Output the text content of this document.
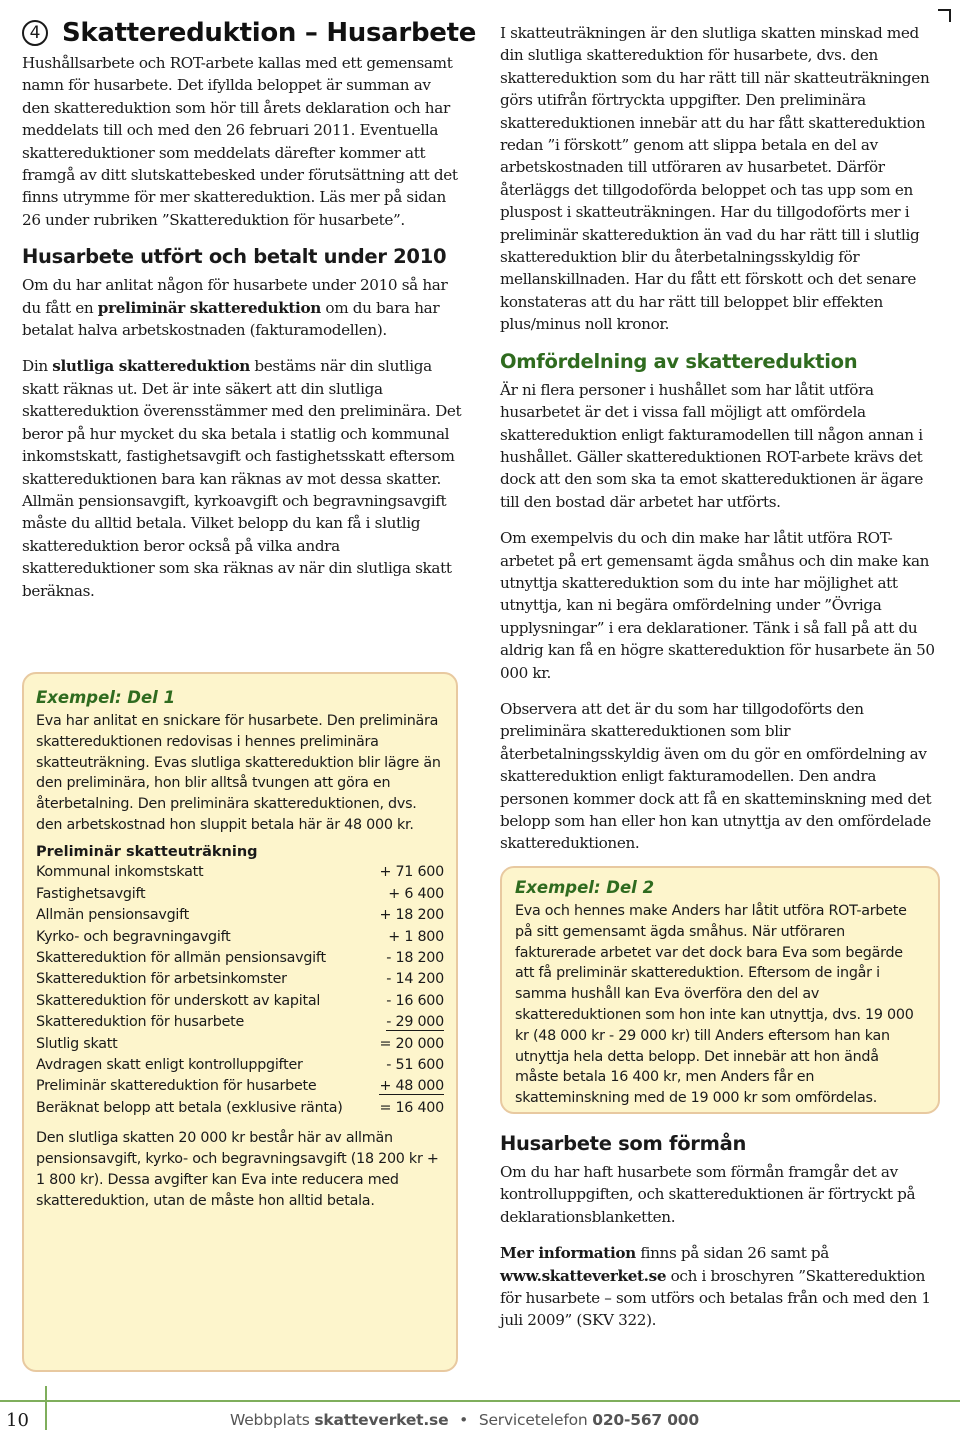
4 Skattereduktion – Husarbete

Hushållsarbete och ROT-arbete kallas med ett gemensamt namn för husarbete. Det ifyllda beloppet är summan av den skattereduktion som hör till årets deklaration och har meddelats till och med den 26 februari 2011. Eventuella skattereduktioner som meddelats därefter kommer att framgå av ditt slutskattebesked under förutsättning att det finns utrymme för mer skattereduktion. Läs mer på sidan 26 under rubriken ”Skattereduktion för husarbete”.

Husarbete utfört och betalt under 2010

Om du har anlitat någon för husarbete under 2010 så har du fått en preliminär skattereduktion om du bara har betalat halva arbetskostnaden (fakturamodellen).

Din slutliga skattereduktion bestäms när din slutliga skatt räknas ut. Det är inte säkert att din slutliga skattereduktion överensstämmer med den preliminära. Det beror på hur mycket du ska betala i statlig och kommunal inkomstskatt, fastighetsavgift och fastighetsskatt eftersom skattereduktionen bara kan räknas av mot dessa skatter. Allmän pensionsavgift, kyrkoavgift och begravningsavgift måste du alltid betala. Vilket belopp du kan få i slutlig skattereduktion beror också på vilka andra skattereduktioner som ska räknas av när din slutliga skatt beräknas.

Exempel: Del 1

Eva har anlitat en snickare för husarbete. Den preliminära skattereduktionen redovisas i hennes preliminära skatteuträkning. Evas slutliga skattereduktion blir lägre än den preliminära, hon blir alltså tvungen att göra en återbetalning. Den preliminära skattereduktionen, dvs. den arbetskostnad hon sluppit betala här är 48 000 kr.

Preliminär skatteuträkning
Kommunal inkomstskatt	+ 71 600
Fastighetsavgift	+ 6 400
Allmän pensionsavgift	+ 18 200
Kyrko- och begravningavgift	+ 1 800
Skattereduktion för allmän pensionsavgift	- 18 200
Skattereduktion för arbetsinkomster	- 14 200
Skattereduktion för underskott av kapital	- 16 600
Skattereduktion för husarbete	- 29 000
Slutlig skatt	= 20 000
Avdragen skatt enligt kontrolluppgifter	- 51 600
Preliminär skattereduktion för husarbete	+ 48 000
Beräknat belopp att betala (exklusive ränta)	= 16 400

Den slutliga skatten 20 000 kr består här av allmän pensionsavgift, kyrko- och begravningsavgift (18 200 kr + 1 800 kr). Dessa avgifter kan Eva inte reducera med skattereduktion, utan de måste hon alltid betala.

I skatteuträkningen är den slutliga skatten minskad med din slutliga skattereduktion för husarbete, dvs. den skattereduktion som du har rätt till när skatteuträkningen görs utifrån förtryckta uppgifter. Den preliminära skattereduktionen innebär att du har fått skattereduktion redan ”i förskott” genom att slippa betala en del av arbetskostnaden till utföraren av husarbetet. Därför återläggs det tillgodoförda beloppet och tas upp som en pluspost i skatteuträkningen. Har du tillgodoförts mer i preliminär skattereduktion än vad du har rätt till i slutlig skattereduktion blir du återbetalningsskyldig för mellanskillnaden. Har du fått ett förskott och det senare konstateras att du har rätt till beloppet blir effekten plus/minus noll kronor.

Omfördelning av skattereduktion

Är ni flera personer i hushållet som har låtit utföra husarbetet är det i vissa fall möjligt att omfördela skattereduktion enligt fakturamodellen till någon annan i hushållet. Gäller skattereduktionen ROT-arbete krävs det dock att den som ska ta emot skattereduktionen är ägare till den bostad där arbetet har utförts.

Om exempelvis du och din make har låtit utföra ROT-arbetet på ert gemensamt ägda småhus och din make kan utnyttja skattereduktion som du inte har möjlighet att utnyttja, kan ni begära omfördelning under ”Övriga upplysningar” i era deklarationer. Tänk i så fall på att du aldrig kan få en högre skattereduktion för husarbete än 50 000 kr.

Observera att det är du som har tillgodoförts den preliminära skattereduktionen som blir återbetalningsskyldig även om du gör en omfördelning av skattereduktion enligt fakturamodellen. Den andra personen kommer dock att få en skatteminskning med det belopp som han eller hon kan utnyttja av den omfördelade skattereduktionen.

Exempel: Del 2

Eva och hennes make Anders har låtit utföra ROT-arbete på sitt gemensamt ägda småhus. När utföraren fakturerade arbetet var det dock bara Eva som begärde att få preliminär skattereduktion. Eftersom de ingår i samma hushåll kan Eva överföra den del av skattereduktionen som hon inte kan utnyttja, dvs. 19 000 kr (48 000 kr - 29 000 kr) till Anders eftersom han kan utnyttja hela detta belopp. Det innebär att hon ändå måste betala 16 400 kr, men Anders får en skatteminskning med de 19 000 kr som omfördelas.

Husarbete som förmån

Om du har haft husarbete som förmån framgår det av kontrolluppgiften, och skattereduktionen är förtryckt på deklarationsblanketten.

Mer information finns på sidan 26 samt på www.skatteverket.se och i broschyren ”Skattereduktion för husarbete – som utförs och betalas från och med den 1 juli 2009” (SKV 322).

10	Webbplats skatteverket.se • Servicetelefon 020-567 000
